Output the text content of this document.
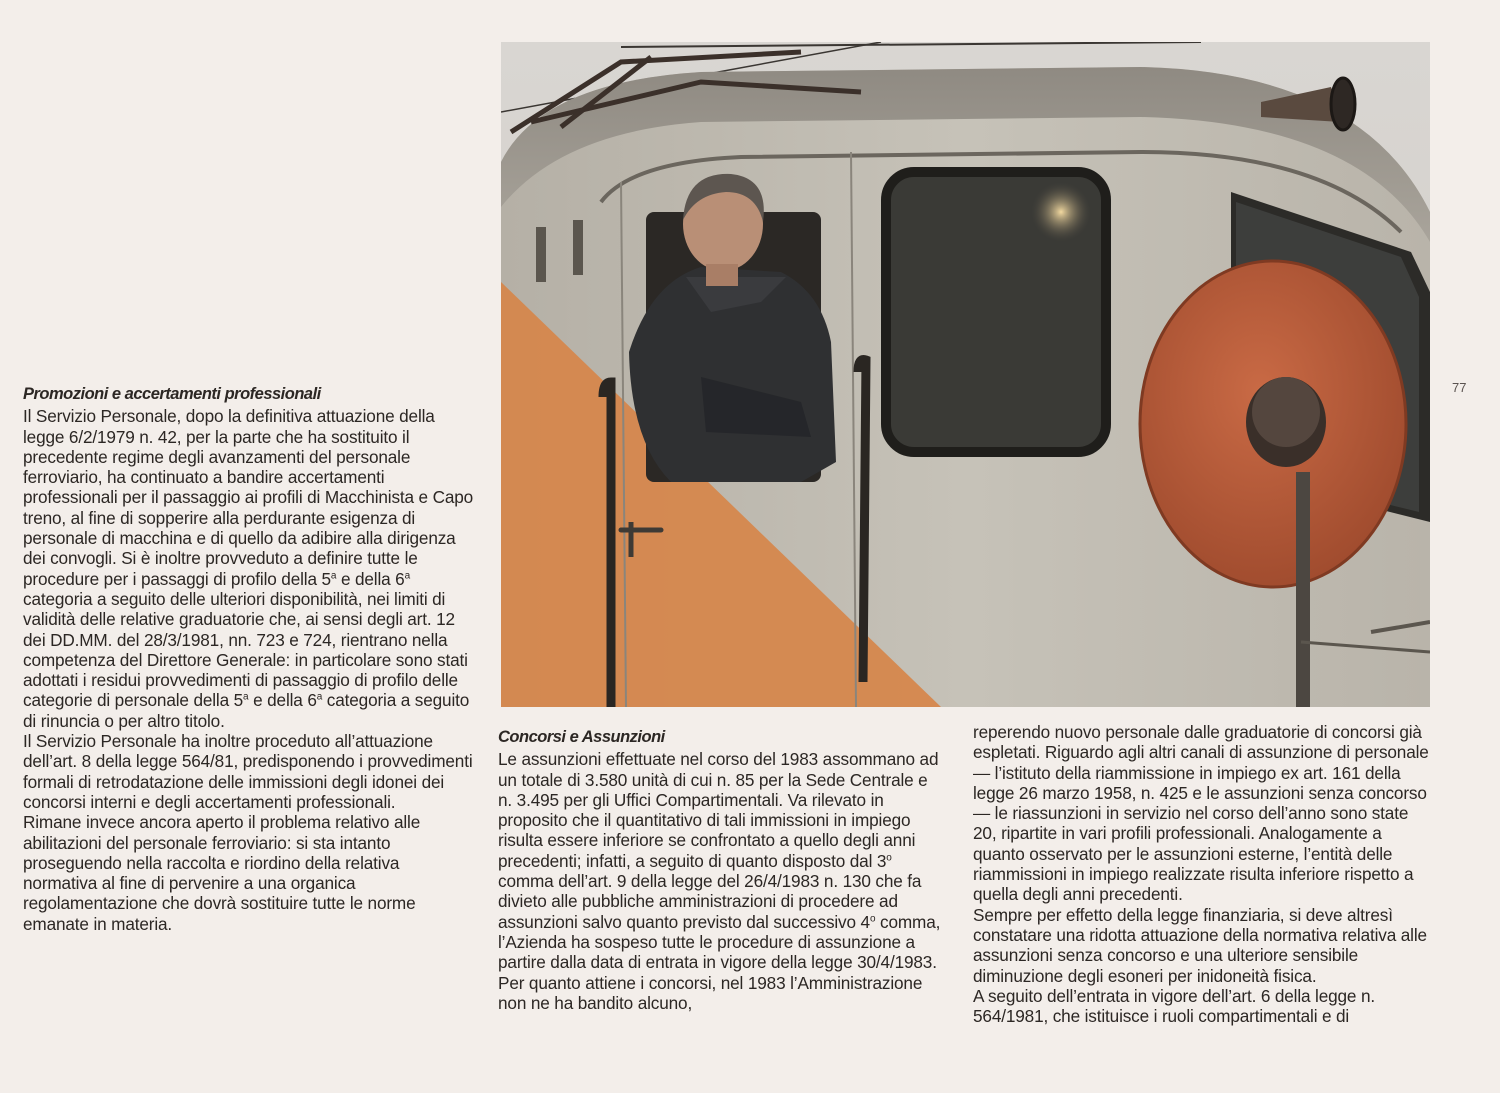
77

Promozioni e accertamenti professionali

Il Servizio Personale, dopo la definitiva attuazione della legge 6/2/1979 n. 42, per la parte che ha sostituito il precedente regime degli avanzamenti del personale ferroviario, ha continuato a bandire accertamenti professionali per il passaggio ai profili di Macchinista e Capo treno, al fine di sopperire alla perdurante esigenza di personale di macchina e di quello da adibire alla dirigenza dei convogli. Si è inoltre provveduto a definire tutte le procedure per i passaggi di profilo della 5$^a$ e della 6$^a$ categoria a seguito delle ulteriori disponibilità, nei limiti di validità delle relative graduatorie che, ai sensi degli art. 12 dei DD.MM. del 28/3/1981, nn. 723 e 724, rientrano nella competenza del Direttore Generale: in particolare sono stati adottati i residui provvedimenti di passaggio di profilo delle categorie di personale della 5$^a$ e della 6$^a$ categoria a seguito di rinuncia o per altro titolo.

Il Servizio Personale ha inoltre proceduto all’attuazione dell’art. 8 della legge 564/81, predisponendo i provvedimenti formali di retrodatazione delle immissioni degli idonei dei concorsi interni e degli accertamenti professionali.

Rimane invece ancora aperto il problema relativo alle abilitazioni del personale ferroviario: si sta intanto proseguendo nella raccolta e riordino della relativa normativa al fine di pervenire a una organica regolamentazione che dovrà sostituire tutte le norme emanate in materia.

Concorsi e Assunzioni

Le assunzioni effettuate nel corso del 1983 assommano ad un totale di 3.580 unità di cui n. 85 per la Sede Centrale e n. 3.495 per gli Uffici Compartimentali. Va rilevato in proposito che il quantitativo di tali immissioni in impiego risulta essere inferiore se confrontato a quello degli anni precedenti; infatti, a seguito di quanto disposto dal 3$^o$ comma dell’art. 9 della legge del 26/4/1983 n. 130 che fa divieto alle pubbliche amministrazioni di procedere ad assunzioni salvo quanto previsto dal successivo 4$^o$ comma, l’Azienda ha sospeso tutte le procedure di assunzione a partire dalla data di entrata in vigore della legge 30/4/1983.

Per quanto attiene i concorsi, nel 1983 l’Amministrazione non ne ha bandito alcuno,

reperendo nuovo personale dalle graduatorie di concorsi già espletati. Riguardo agli altri canali di assunzione di personale — l’istituto della riammissione in impiego ex art. 161 della legge 26 marzo 1958, n. 425 e le assunzioni senza concorso — le riassunzioni in servizio nel corso dell’anno sono state 20, ripartite in vari profili professionali. Analogamente a quanto osservato per le assunzioni esterne, l’entità delle riammissioni in impiego realizzate risulta inferiore rispetto a quella degli anni precedenti.

Sempre per effetto della legge finanziaria, si deve altresì constatare una ridotta attuazione della normativa relativa alle assunzioni senza concorso e una ulteriore sensibile diminuzione degli esoneri per inidoneità fisica.

A seguito dell’entrata in vigore dell’art. 6 della legge n. 564/1981, che istituisce i ruoli compartimentali e di
